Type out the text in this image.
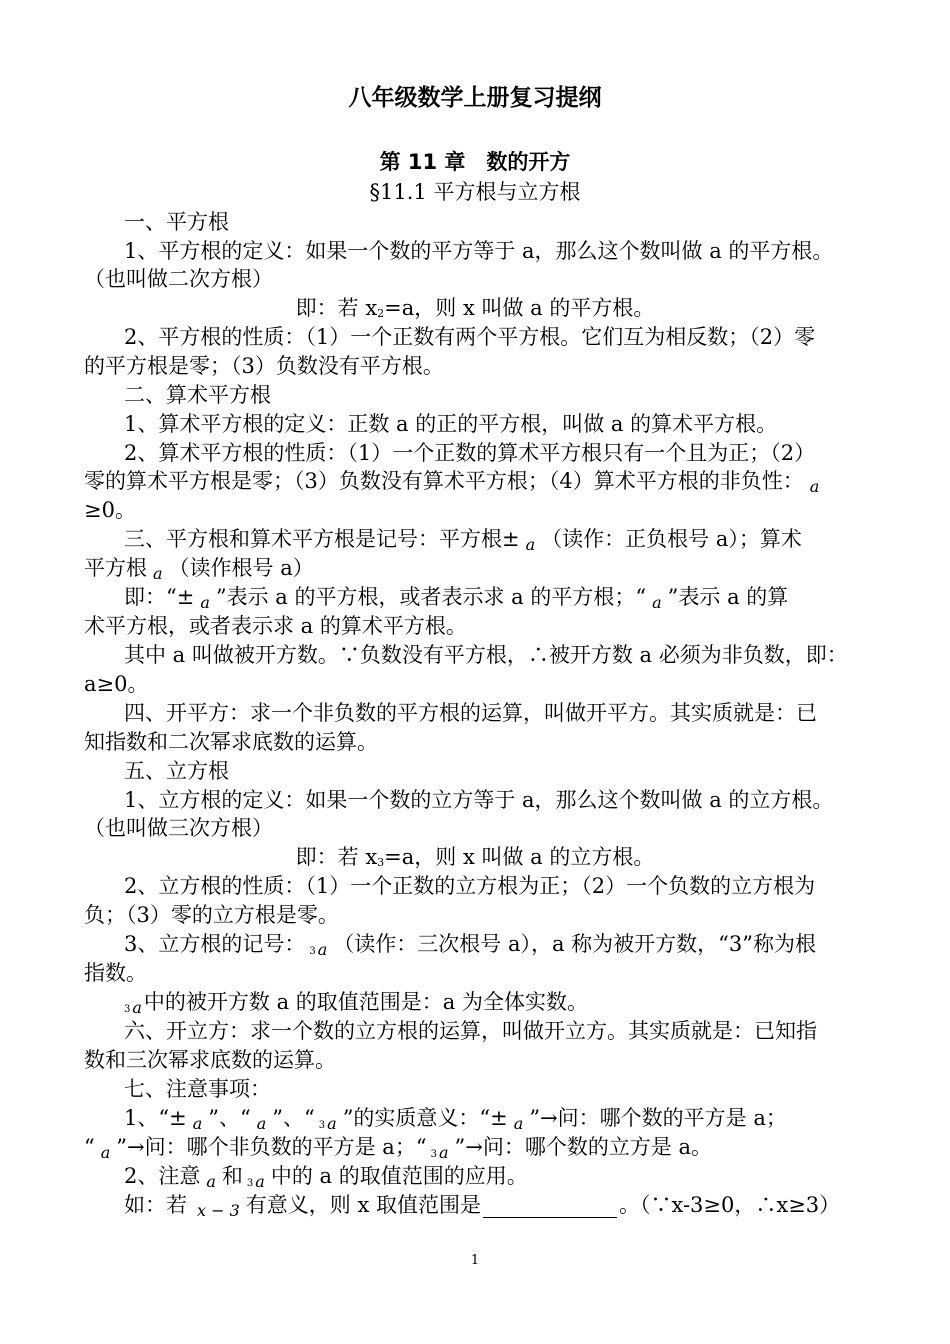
八年级数学上册复习提纲
第 11 章　数的开方
§11.1 平方根与立方根
一、平方根
1、平方根的定义：如果一个数的平方等于 a，那么这个数叫做 a 的平方根。
（也叫做二次方根）
即：若 x2=a，则 x 叫做 a 的平方根。
2、平方根的性质：（1）一个正数有两个平方根。它们互为相反数；（2）零
的平方根是零；（3）负数没有平方根。
二、算术平方根
1、算术平方根的定义：正数 a 的正的平方根，叫做 a 的算术平方根。
2、算术平方根的性质：（1）一个正数的算术平方根只有一个且为正；（2）
零的算术平方根是零；（3）负数没有算术平方根；（4）算术平方根的非负性： a
≥0。
三、平方根和算术平方根是记号：平方根± a （读作：正负根号 a）；算术
平方根 a （读作根号 a）
即：“± a ”表示 a 的平方根，或者表示求 a 的平方根；“ a ”表示 a 的算
术平方根，或者表示求 a 的算术平方根。
其中 a 叫做被开方数。∵负数没有平方根，∴被开方数 a 必须为非负数，即：
a≥0。
四、开平方：求一个非负数的平方根的运算，叫做开平方。其实质就是：已
知指数和二次幂求底数的运算。
五、立方根
1、立方根的定义：如果一个数的立方等于 a，那么这个数叫做 a 的立方根。
（也叫做三次方根）
即：若 x3=a，则 x 叫做 a 的立方根。
2、立方根的性质：（1）一个正数的立方根为正；（2）一个负数的立方根为
负；（3）零的立方根是零。
3、立方根的记号： 3 a （读作：三次根号 a），a 称为被开方数，“3”称为根
指数。
3 a中的被开方数 a 的取值范围是：a 为全体实数。
六、开立方：求一个数的立方根的运算，叫做开立方。其实质就是：已知指
数和三次幂求底数的运算。
七、注意事项：
1、“± a ”、“ a ”、“ 3 a ”的实质意义：“± a ”→问：哪个数的平方是 a；
“ a ”→问：哪个非负数的平方是 a；“ 3 a ”→问：哪个数的立方是 a。
2、注意 a 和 3 a 中的 a 的取值范围的应用。
如：若 x − 3 有意义，则 x 取值范围是	。（∵x-3≥0，∴x≥3）
1
